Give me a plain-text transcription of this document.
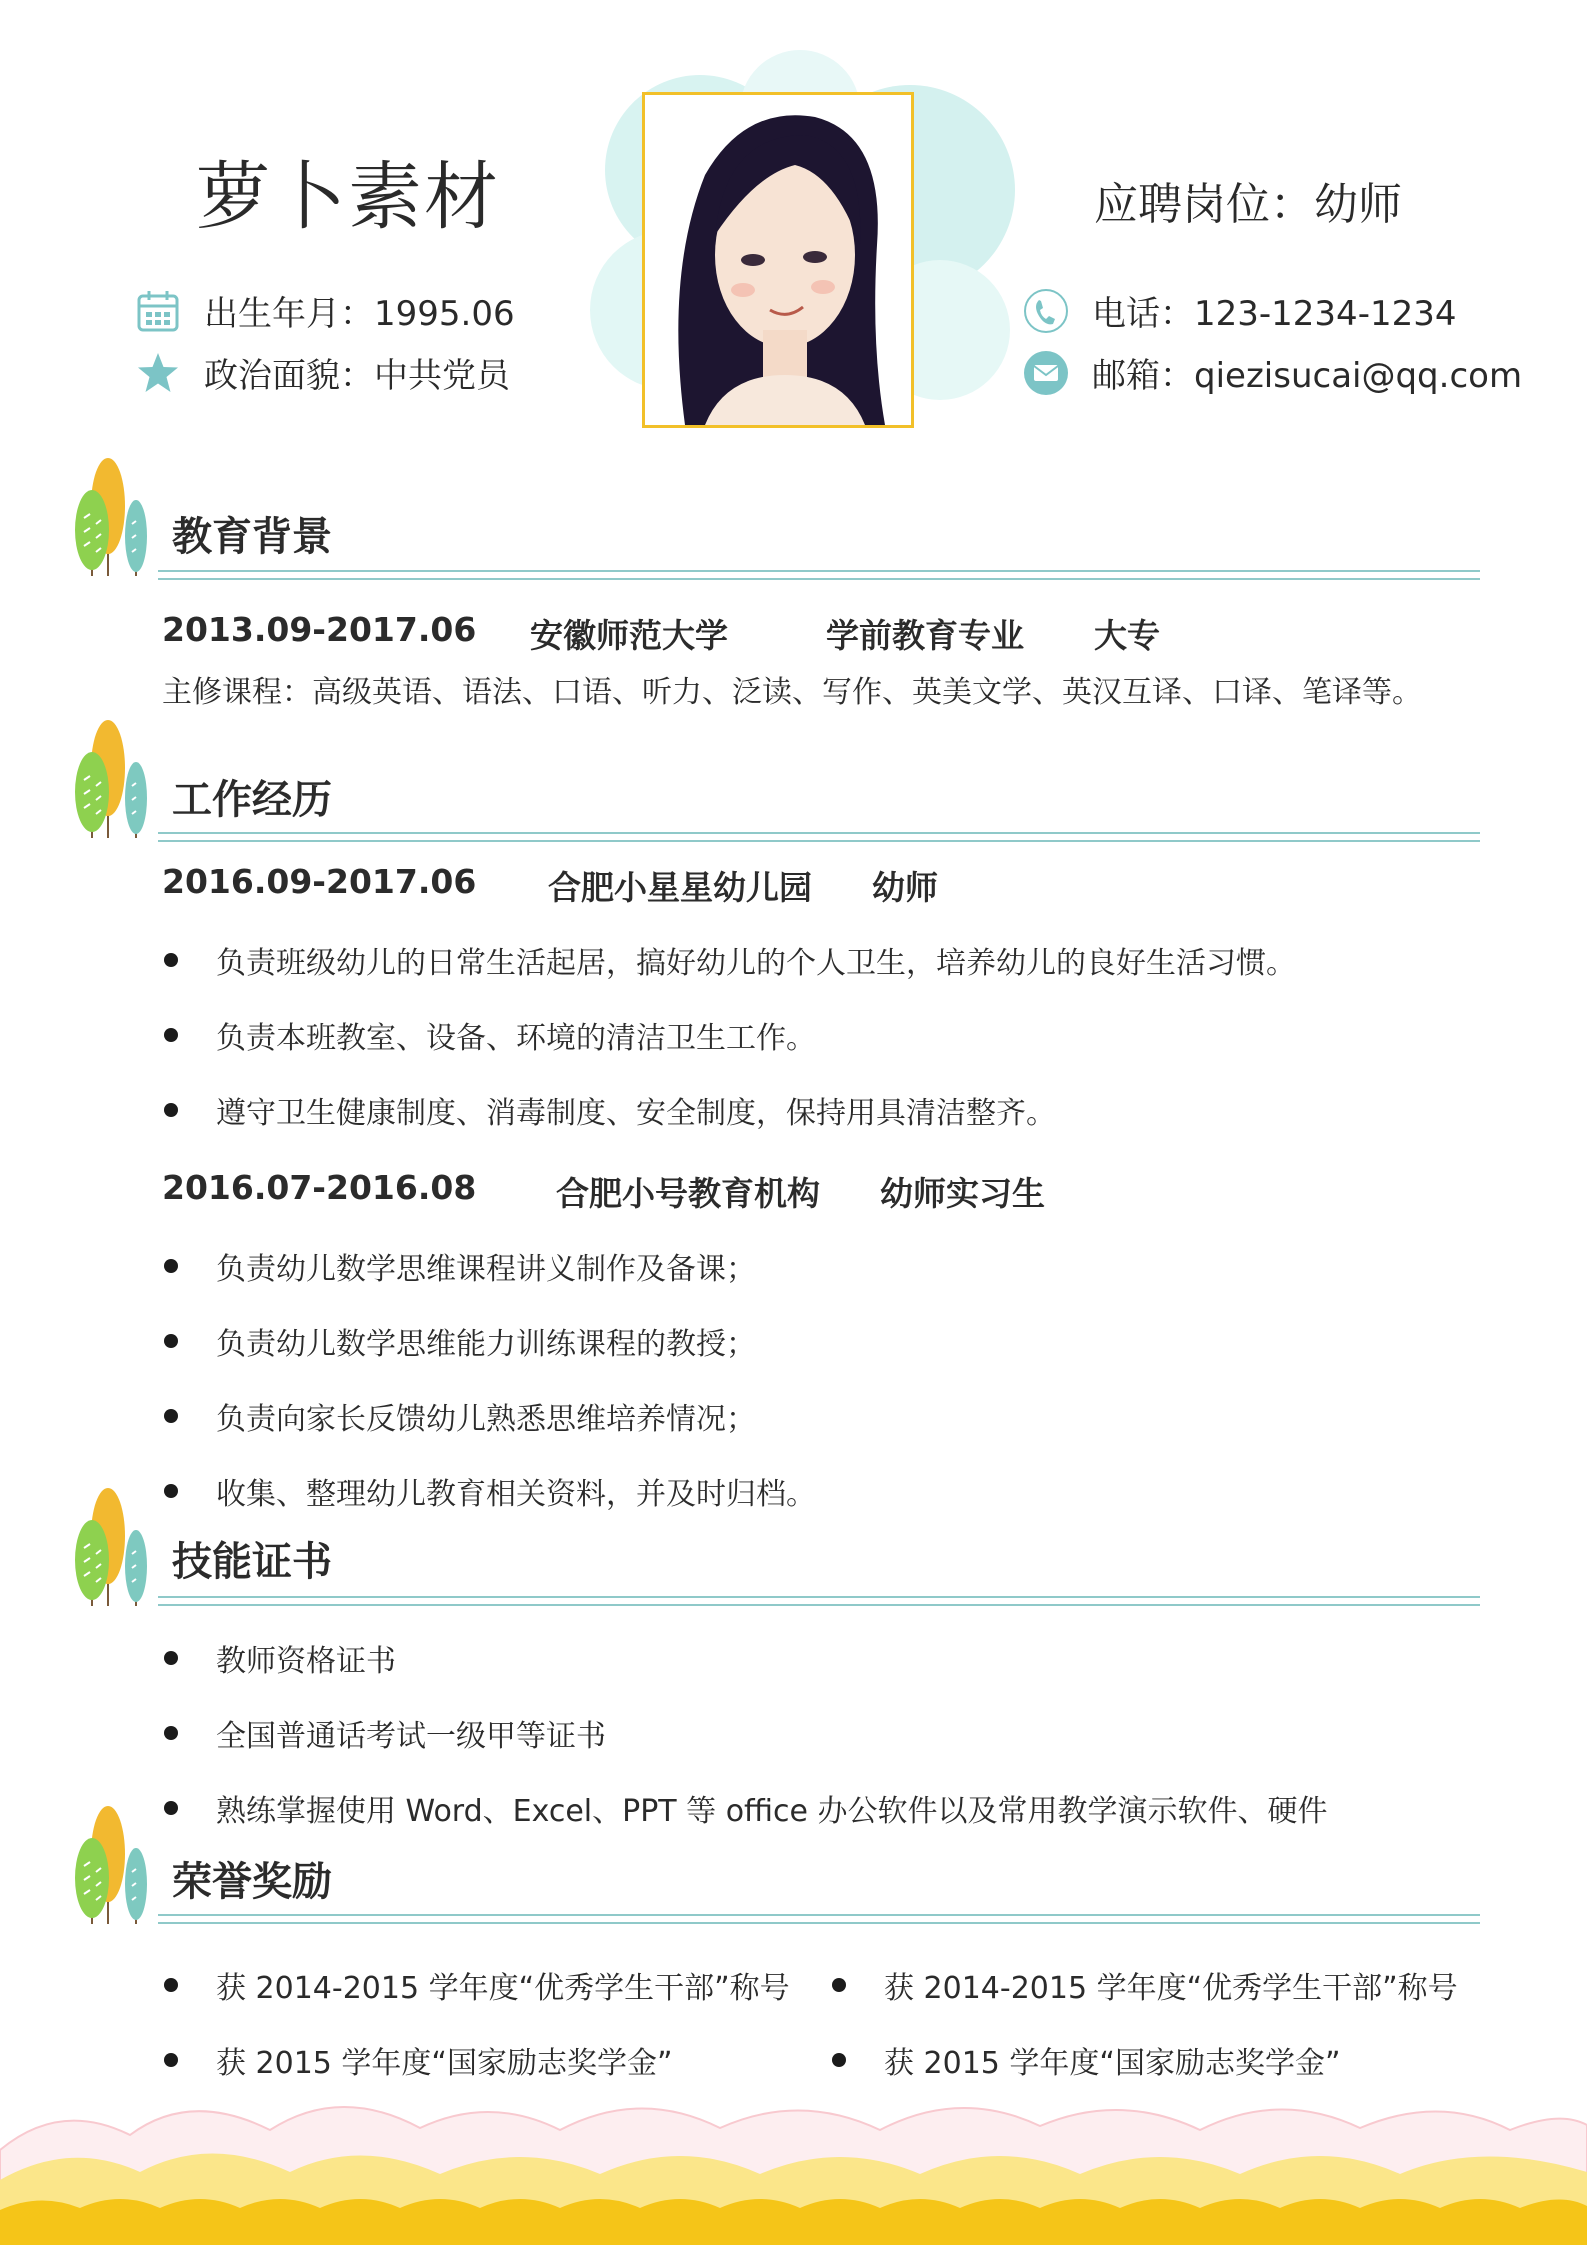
萝卜素材	应聘岗位：幼师
出生年月：1995.06
政治面貌：中共党员
电话：123-1234-1234
邮箱：qiezisucai@qq.com
教育背景
2013.09-2017.06 安徽师范大学	学前教育专业 大专
主修课程：高级英语、语法、口语、听力、泛读、写作、英美文学、英汉互译、口译、笔译等。
工作经历
2016.09-2017.06 合肥小星星幼儿园 幼师
负责班级幼儿的日常生活起居，搞好幼儿的个人卫生，培养幼儿的良好生活习惯。
负责本班教室、设备、环境的清洁卫生工作。
遵守卫生健康制度、消毒制度、安全制度，保持用具清洁整齐。
2016.07-2016.08 合肥小号教育机构 幼师实习生
负责幼儿数学思维课程讲义制作及备课；
负责幼儿数学思维能力训练课程的教授；
负责向家长反馈幼儿熟悉思维培养情况；
收集、整理幼儿教育相关资料，并及时归档。
技能证书
教师资格证书
全国普通话考试一级甲等证书
熟练掌握使用 Word、Excel、PPT 等 office 办公软件以及常用教学演示软件、硬件
荣誉奖励
获 2014-2015 学年度“优秀学生干部”称号	获 2014-2015 学年度“优秀学生干部”称号
获 2015 学年度“国家励志奖学金”	获 2015 学年度“国家励志奖学金”
